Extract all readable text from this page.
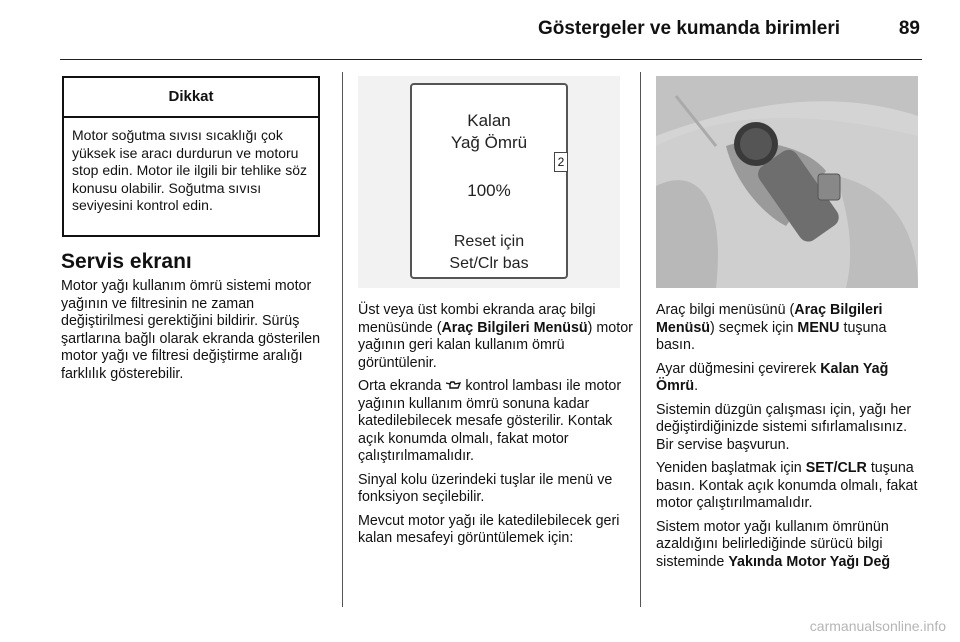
Göstergeler ve kumanda birimleri	89
Dikkat
Motor soğutma sıvısı sıcaklığı çok yüksek ise aracı durdurun ve motoru stop edin. Motor ile ilgili bir tehlike söz konusu olabilir. Soğutma sıvısı seviyesini kontrol edin.
Servis ekranı
Motor yağı kullanım ömrü sistemi motor yağının ve filtresinin ne zaman değiştirilmesi gerektiğini bildirir. Sürüş şartlarına bağlı olarak ekranda gösterilen motor yağı ve filtresi değiştirme aralığı farklılık gösterebilir.
Kalan
Yağ Ömrü
100%
Reset için
Set/Clr bas
2

Üst veya üst kombi ekranda araç bilgi menüsünde (Araç Bilgileri Menüsü) motor yağının geri kalan kullanım ömrü görüntülenir.

Orta ekranda  kontrol lambası ile motor yağının kullanım ömrü sonuna kadar katedilebilecek mesafe gösterilir. Kontak açık konumda olmalı, fakat motor çalıştırılmamalıdır.

Sinyal kolu üzerindeki tuşlar ile menü ve fonksiyon seçilebilir.

Mevcut motor yağı ile katedilebilecek geri kalan mesafeyi görüntülemek için:

Araç bilgi menüsünü (Araç Bilgileri Menüsü) seçmek için MENU tuşuna basın.

Ayar düğmesini çevirerek Kalan Yağ Ömrü.

Sistemin düzgün çalışması için, yağı her değiştirdiğinizde sistemi sıfırlamalısınız. Bir servise başvurun.

Yeniden başlatmak için SET/CLR tuşuna basın. Kontak açık konumda olmalı, fakat motor çalıştırılmamalıdır.

Sistem motor yağı kullanım ömrünün azaldığını belirlediğinde sürücü bilgi sisteminde Yakında Motor Yağı Değ

carmanualsonline.info
